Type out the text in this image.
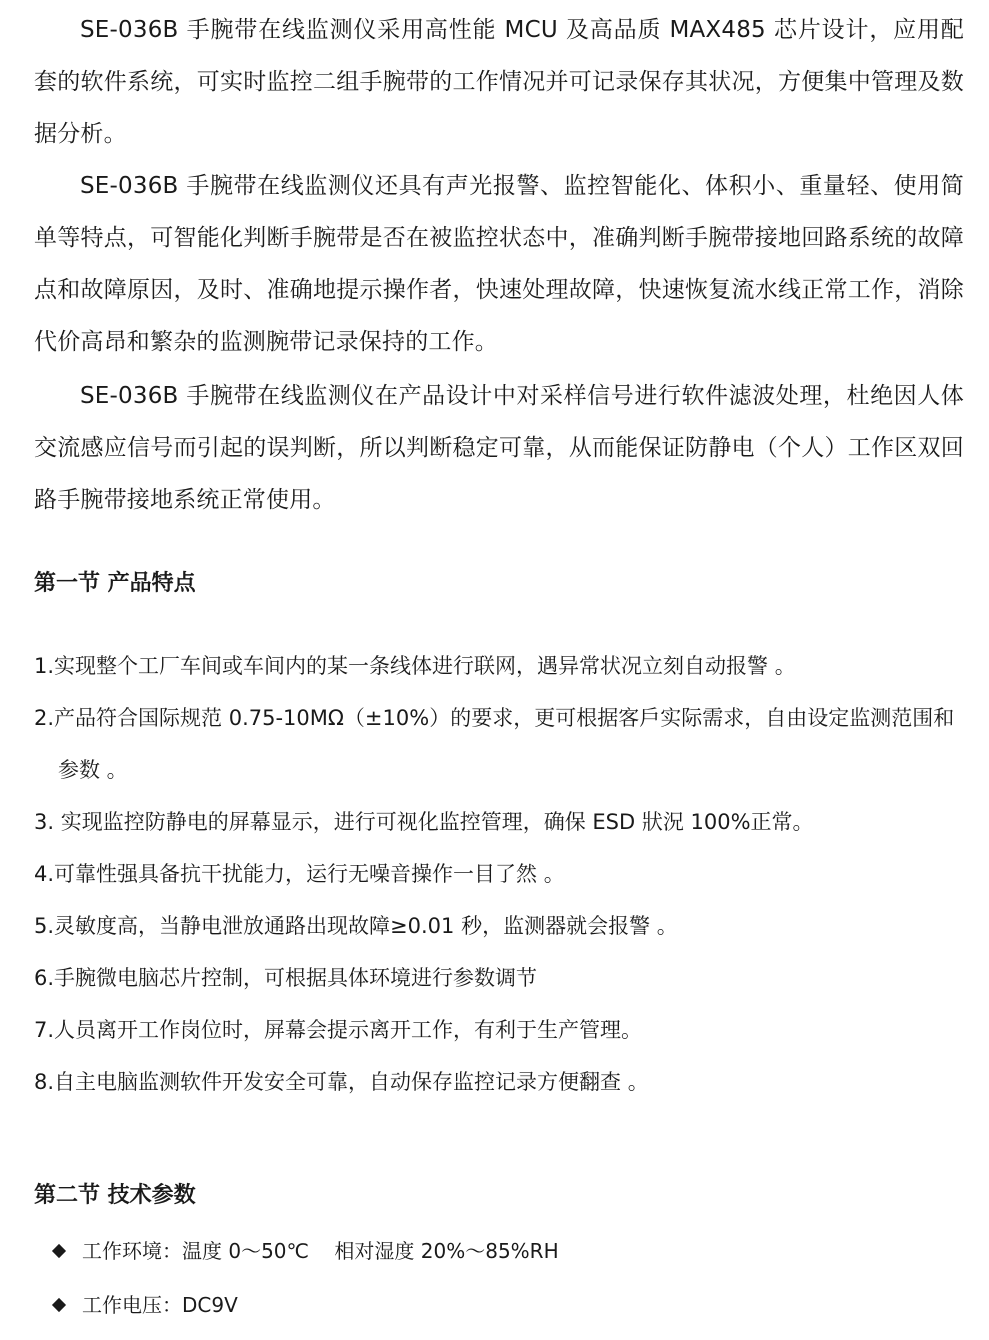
SE-036B 手腕带在线监测仪采用高性能 MCU 及高品质 MAX485 芯片设计，应用配套的软件系统，可实时监控二组手腕带的工作情况并可记录保存其状况，方便集中管理及数据分析。

SE-036B 手腕带在线监测仪还具有声光报警、监控智能化、体积小、重量轻、使用简单等特点，可智能化判断手腕带是否在被监控状态中，准确判断手腕带接地回路系统的故障点和故障原因，及时、准确地提示操作者，快速处理故障，快速恢复流水线正常工作，消除代价高昂和繁杂的监测腕带记录保持的工作。

SE-036B 手腕带在线监测仪在产品设计中对采样信号进行软件滤波处理，杜绝因人体交流感应信号而引起的误判断，所以判断稳定可靠，从而能保证防静电（个人）工作区双回路手腕带接地系统正常使用。

第一节 产品特点
1.实现整个工厂车间或车间内的某一条线体进行联网，遇异常状况立刻自动报警 。
2.产品符合国际规范 0.75-10MΩ（±10%）的要求，更可根据客戶实际需求，自由设定监测范围和参数 。
3. 实现监控防静电的屏幕显示，进行可视化监控管理，确保 ESD 狀況 100%正常。
4.可靠性强具备抗干扰能力，运行无噪音操作一目了然 。
5.灵敏度高，当静电泄放通路出现故障≥0.01 秒，监测器就会报警 。
6.手腕微电脑芯片控制，可根据具体环境进行参数调节
7.人员离开工作岗位时，屏幕会提示离开工作，有利于生产管理。
8.自主电脑监测软件开发安全可靠，自动保存监控记录方便翻查 。
第二节 技术参数
工作环境：温度 0～50℃    相对湿度 20%～85%RH
工作电压：DC9V
